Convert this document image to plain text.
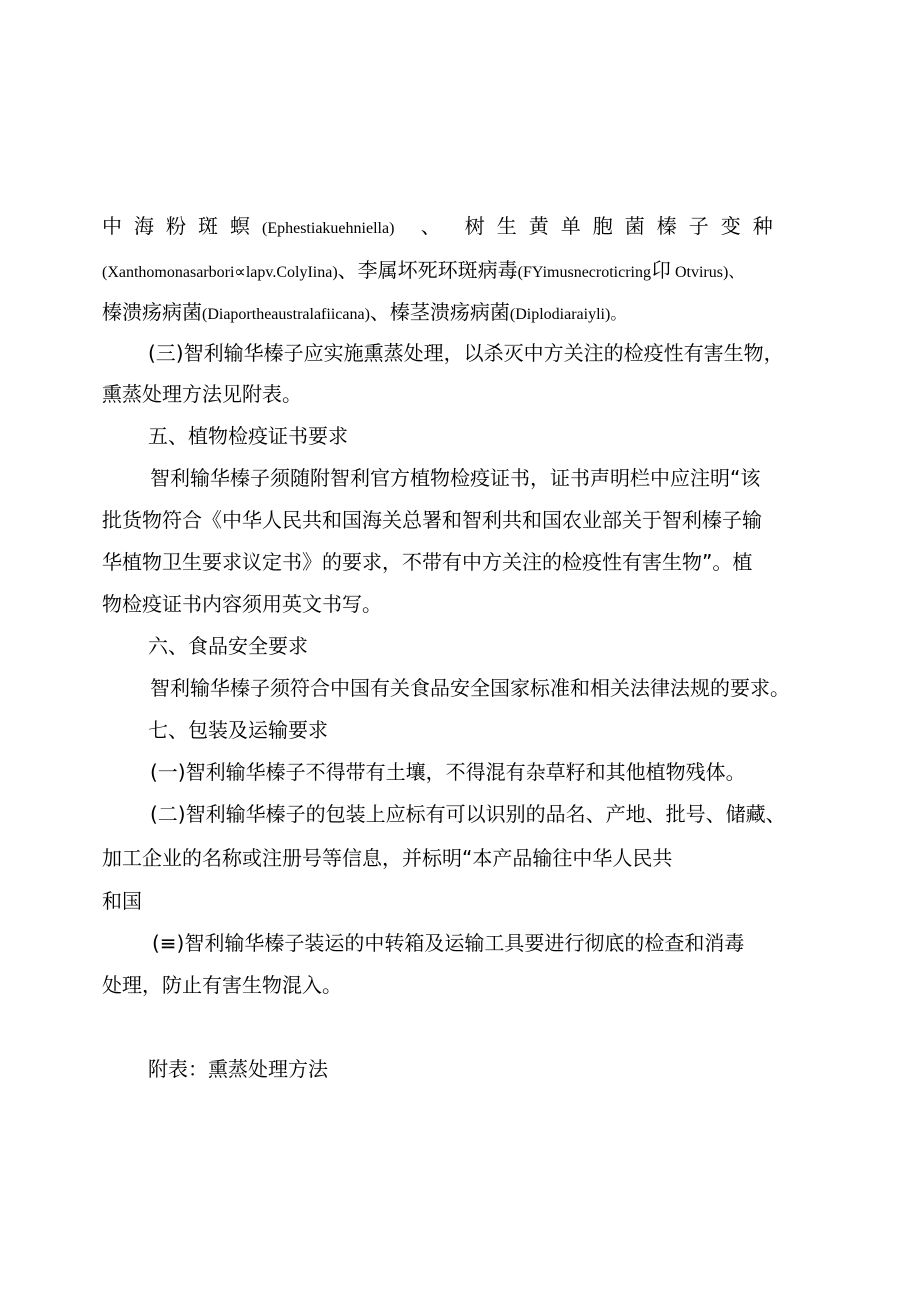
中海粉斑螟(Ephestiakuehniella) 、 树生黄单胞菌榛子变种
(Xanthomonasarbori∝lapv.ColyIina)、李属坏死环斑病毒(FYimusnecroticring卬 Otvirus)、
榛溃疡病菌(Diaportheaustralafiicana)、榛茎溃疡病菌(Diplodiaraiyli)。
(三)智利输华榛子应实施熏蒸处理，以杀灭中方关注的检疫性有害生物，
熏蒸处理方法见附表。
五、植物检疫证书要求
智利输华榛子须随附智利官方植物检疫证书，证书声明栏中应注明“该
批货物符合《中华人民共和国海关总署和智利共和国农业部关于智利榛子输
华植物卫生要求议定书》的要求，不带有中方关注的检疫性有害生物”。植
物检疫证书内容须用英文书写。
六、食品安全要求
智利输华榛子须符合中国有关食品安全国家标准和相关法律法规的要求。
七、包装及运输要求
(一)智利输华榛子不得带有土壤，不得混有杂草籽和其他植物残体。
(二)智利输华榛子的包装上应标有可以识别的品名、产地、批号、储藏、
加工企业的名称或注册号等信息，并标明“本产品输往中华人民共
和国
(≡)智利输华榛子装运的中转箱及运输工具要进行彻底的检查和消毒
处理，防止有害生物混入。
附表：熏蒸处理方法
